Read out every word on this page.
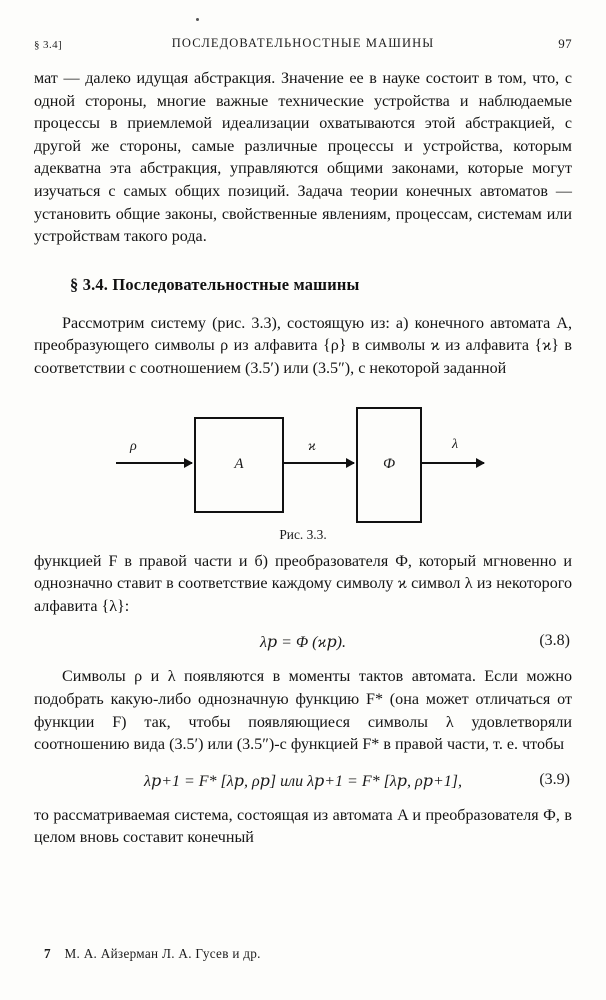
§ 3.4]	ПОСЛЕДОВАТЕЛЬНОСТНЫЕ МАШИНЫ	97

мат — далеко идущая абстракция. Значение ее в науке состоит в том, что, с одной стороны, многие важные технические устройства и наблюдаемые процессы в приемлемой идеализации охватываются этой абстракцией, с другой же стороны, самые различные процессы и устройства, которым адекватна эта абстракция, управляются общими законами, которые могут изучаться с самых общих позиций. Задача теории конечных автоматов — установить общие законы, свойственные явлениям, процессам, системам или устройствам такого рода.

§ 3.4. Последовательностные машины

Рассмотрим систему (рис. 3.3), состоящую из: а) конечного автомата A, преобразующего символы ρ из алфавита {ρ} в символы ϰ из алфавита {ϰ} в соответствии с соотношением (3.5′) или (3.5″), с некоторой заданной

ρ
A
ϰ
Ф
λ
Рис. 3.3.

функцией F в правой части и б) преобразователя Ф, который мгновенно и однозначно ставит в соответствие каждому символу ϰ символ λ из некоторого алфавита {λ}:

λ𝑝 = Φ (ϰ𝑝).	(3.8)

Символы ρ и λ появляются в моменты тактов автомата. Если можно подобрать какую-либо однозначную функцию F* (она может отличаться от функции F) так, чтобы появляющиеся символы λ удовлетворяли соотношению вида (3.5′) или (3.5″)-с функцией F* в правой части, т. е. чтобы

λ𝑝+1 = F* [λ𝑝, ρ𝑝] или λ𝑝+1 = F* [λ𝑝, ρ𝑝+1],	(3.9)

то рассматриваемая система, состоящая из автомата A и преобразователя Ф, в целом вновь составит конечный

7 М. А. Айзерман Л. А. Гусев и др.
